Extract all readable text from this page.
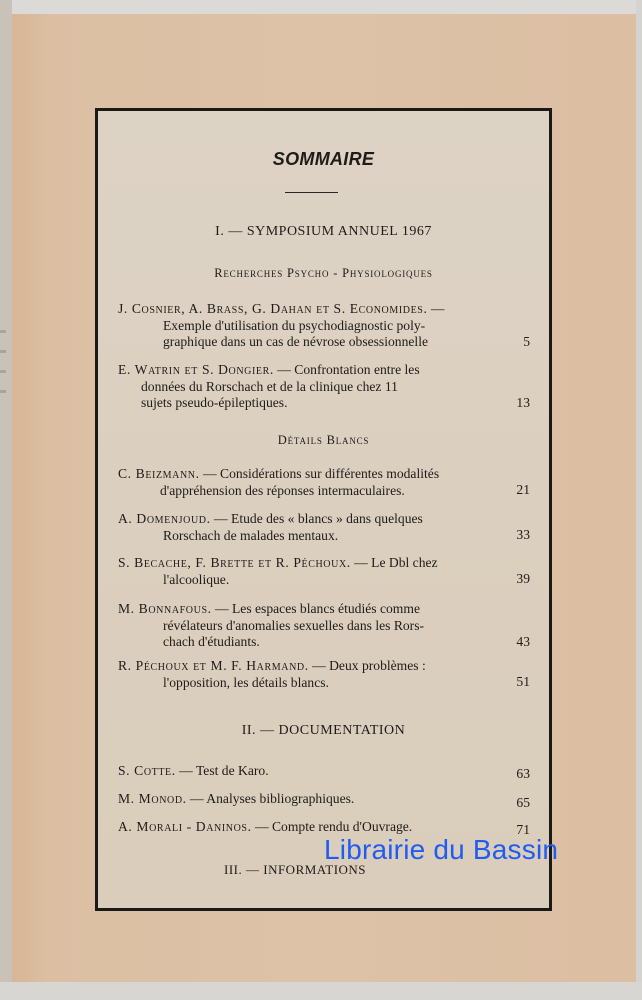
SOMMAIRE
I. — SYMPOSIUM ANNUEL 1967
Recherches Psycho - Physiologiques
J. Cosnier, A. Brass, G. Dahan et S. Economides. —
Exemple d'utilisation du psychodiagnostic poly-
graphique dans un cas de névrose obsessionnelle	5
E. Watrin et S. Dongier. — Confrontation entre les
données du Rorschach et de la clinique chez 11
sujets pseudo-épileptiques.	13
Détails Blancs
C. Beizmann. — Considérations sur différentes modalités
d'appréhension des réponses intermaculaires.	21
A. Domenjoud. — Etude des « blancs » dans quelques
Rorschach de malades mentaux.	33
S. Becache, F. Brette et R. Péchoux. — Le Dbl chez
l'alcoolique.	39
M. Bonnafous. — Les espaces blancs étudiés comme
révélateurs d'anomalies sexuelles dans les Rors-
chach d'étudiants.	43
R. Péchoux et M. F. Harmand. — Deux problèmes :
l'opposition, les détails blancs.	51
II. — DOCUMENTATION
S. Cotte. — Test de Karo.	63
M. Monod. — Analyses bibliographiques.	65
A. Morali - Daninos. — Compte rendu d'Ouvrage.	71
III. — INFORMATIONS
Librairie du Bassin
